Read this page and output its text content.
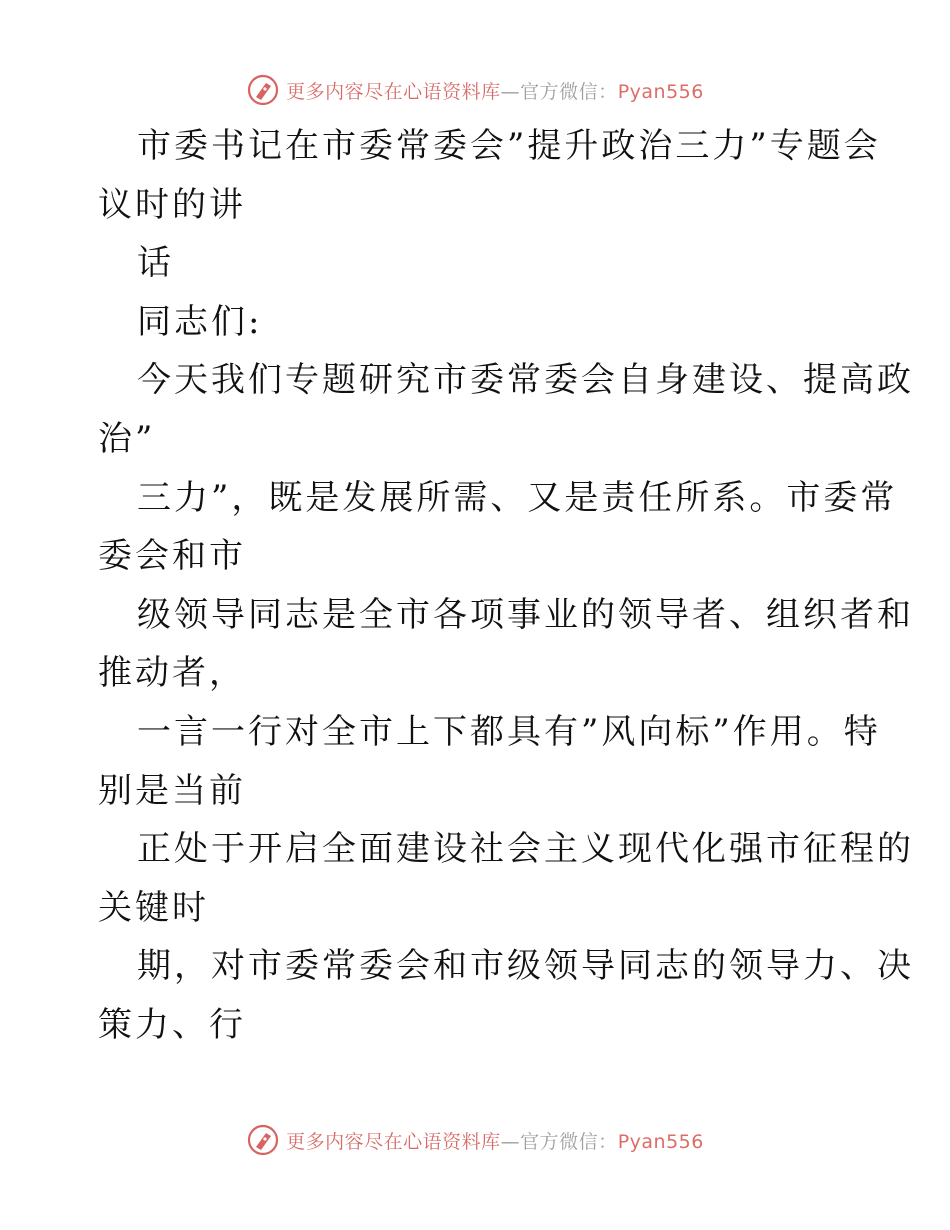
更多内容尽在心语资料库—官方微信：Pyan556
市委书记在市委常委会”提升政治三力”专题会
议时的讲
话
同志们:
今天我们专题研究市委常委会自身建设、提高政
治”
三力”，既是发展所需、又是责任所系。市委常
委会和市
级领导同志是全市各项事业的领导者、组织者和
推动者，
一言一行对全市上下都具有”风向标”作用。特
别是当前
正处于开启全面建设社会主义现代化强市征程的
关键时
期，对市委常委会和市级领导同志的领导力、决
策力、行
更多内容尽在心语资料库—官方微信：Pyan556
